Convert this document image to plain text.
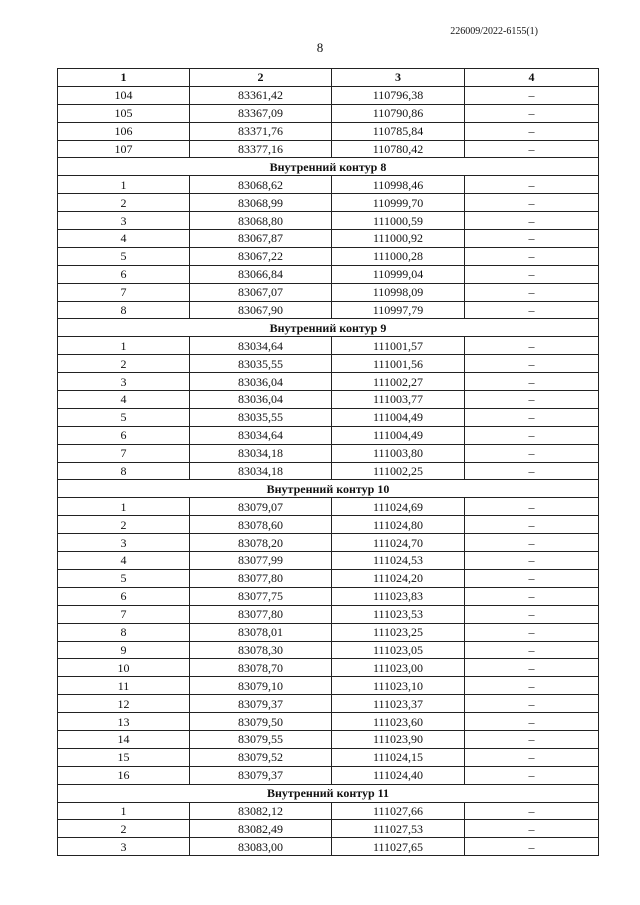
226009/2022-6155(1)
8
1	2	3	4
104	83361,42	110796,38	–
105	83367,09	110790,86	–
106	83371,76	110785,84	–
107	83377,16	110780,42	–
Внутренний контур 8			
1	83068,62	110998,46	–
2	83068,99	110999,70	–
3	83068,80	111000,59	–
4	83067,87	111000,92	–
5	83067,22	111000,28	–
6	83066,84	110999,04	–
7	83067,07	110998,09	–
8	83067,90	110997,79	–
Внутренний контур 9			
1	83034,64	111001,57	–
2	83035,55	111001,56	–
3	83036,04	111002,27	–
4	83036,04	111003,77	–
5	83035,55	111004,49	–
6	83034,64	111004,49	–
7	83034,18	111003,80	–
8	83034,18	111002,25	–
Внутренний контур 10			
1	83079,07	111024,69	–
2	83078,60	111024,80	–
3	83078,20	111024,70	–
4	83077,99	111024,53	–
5	83077,80	111024,20	–
6	83077,75	111023,83	–
7	83077,80	111023,53	–
8	83078,01	111023,25	–
9	83078,30	111023,05	–
10	83078,70	111023,00	–
11	83079,10	111023,10	–
12	83079,37	111023,37	–
13	83079,50	111023,60	–
14	83079,55	111023,90	–
15	83079,52	111024,15	–
16	83079,37	111024,40	–
Внутренний контур 11			
1	83082,12	111027,66	–
2	83082,49	111027,53	–
3	83083,00	111027,65	–
